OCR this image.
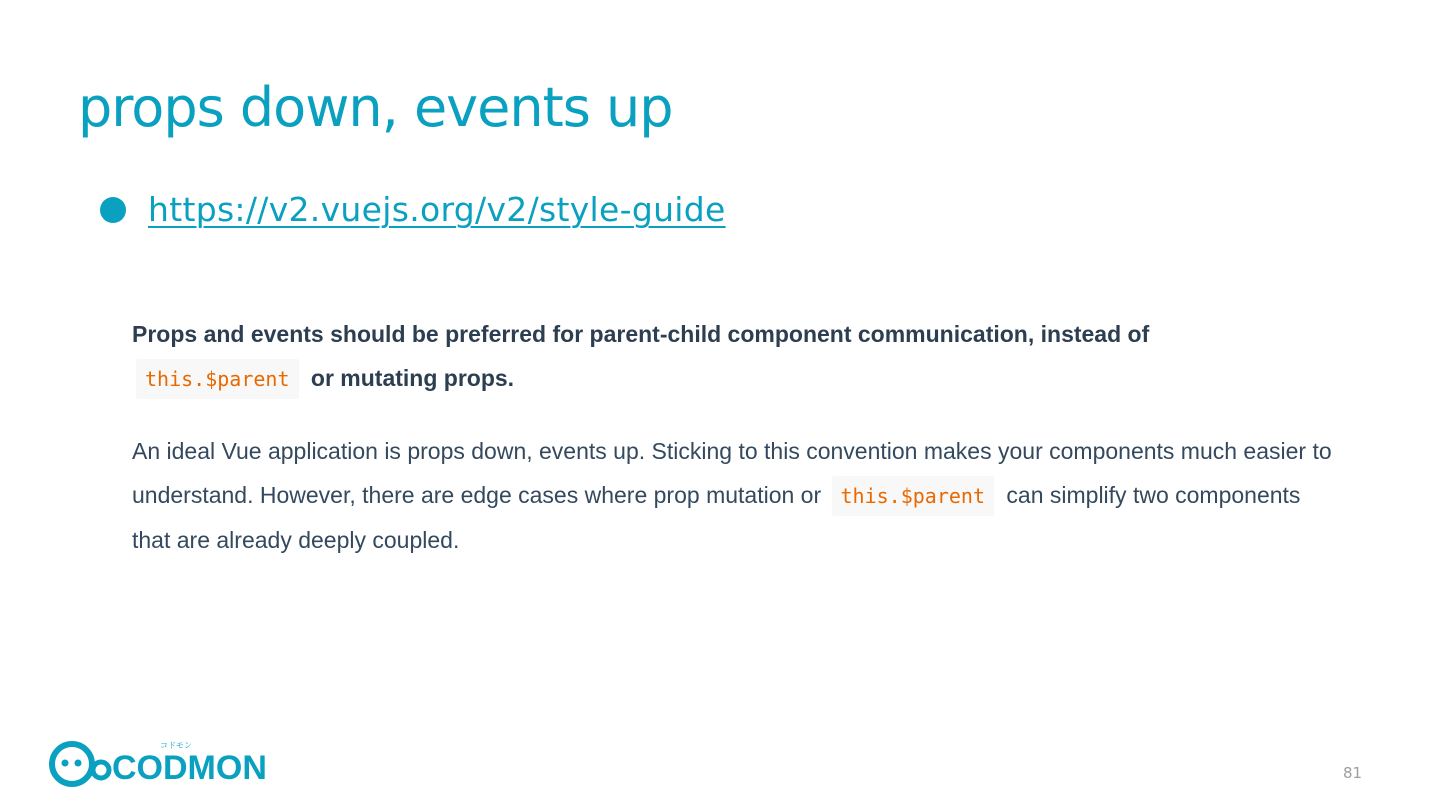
props down, events up
https://v2.vuejs.org/v2/style-guide

Props and events should be preferred for parent-child component communication, instead of
this.$parent or mutating props.

An ideal Vue application is props down, events up. Sticking to this convention makes your components much easier to understand. However, there are edge cases where prop mutation or this.$parent can simplify two components that are already deeply coupled.

CODMON
コドモン
81
